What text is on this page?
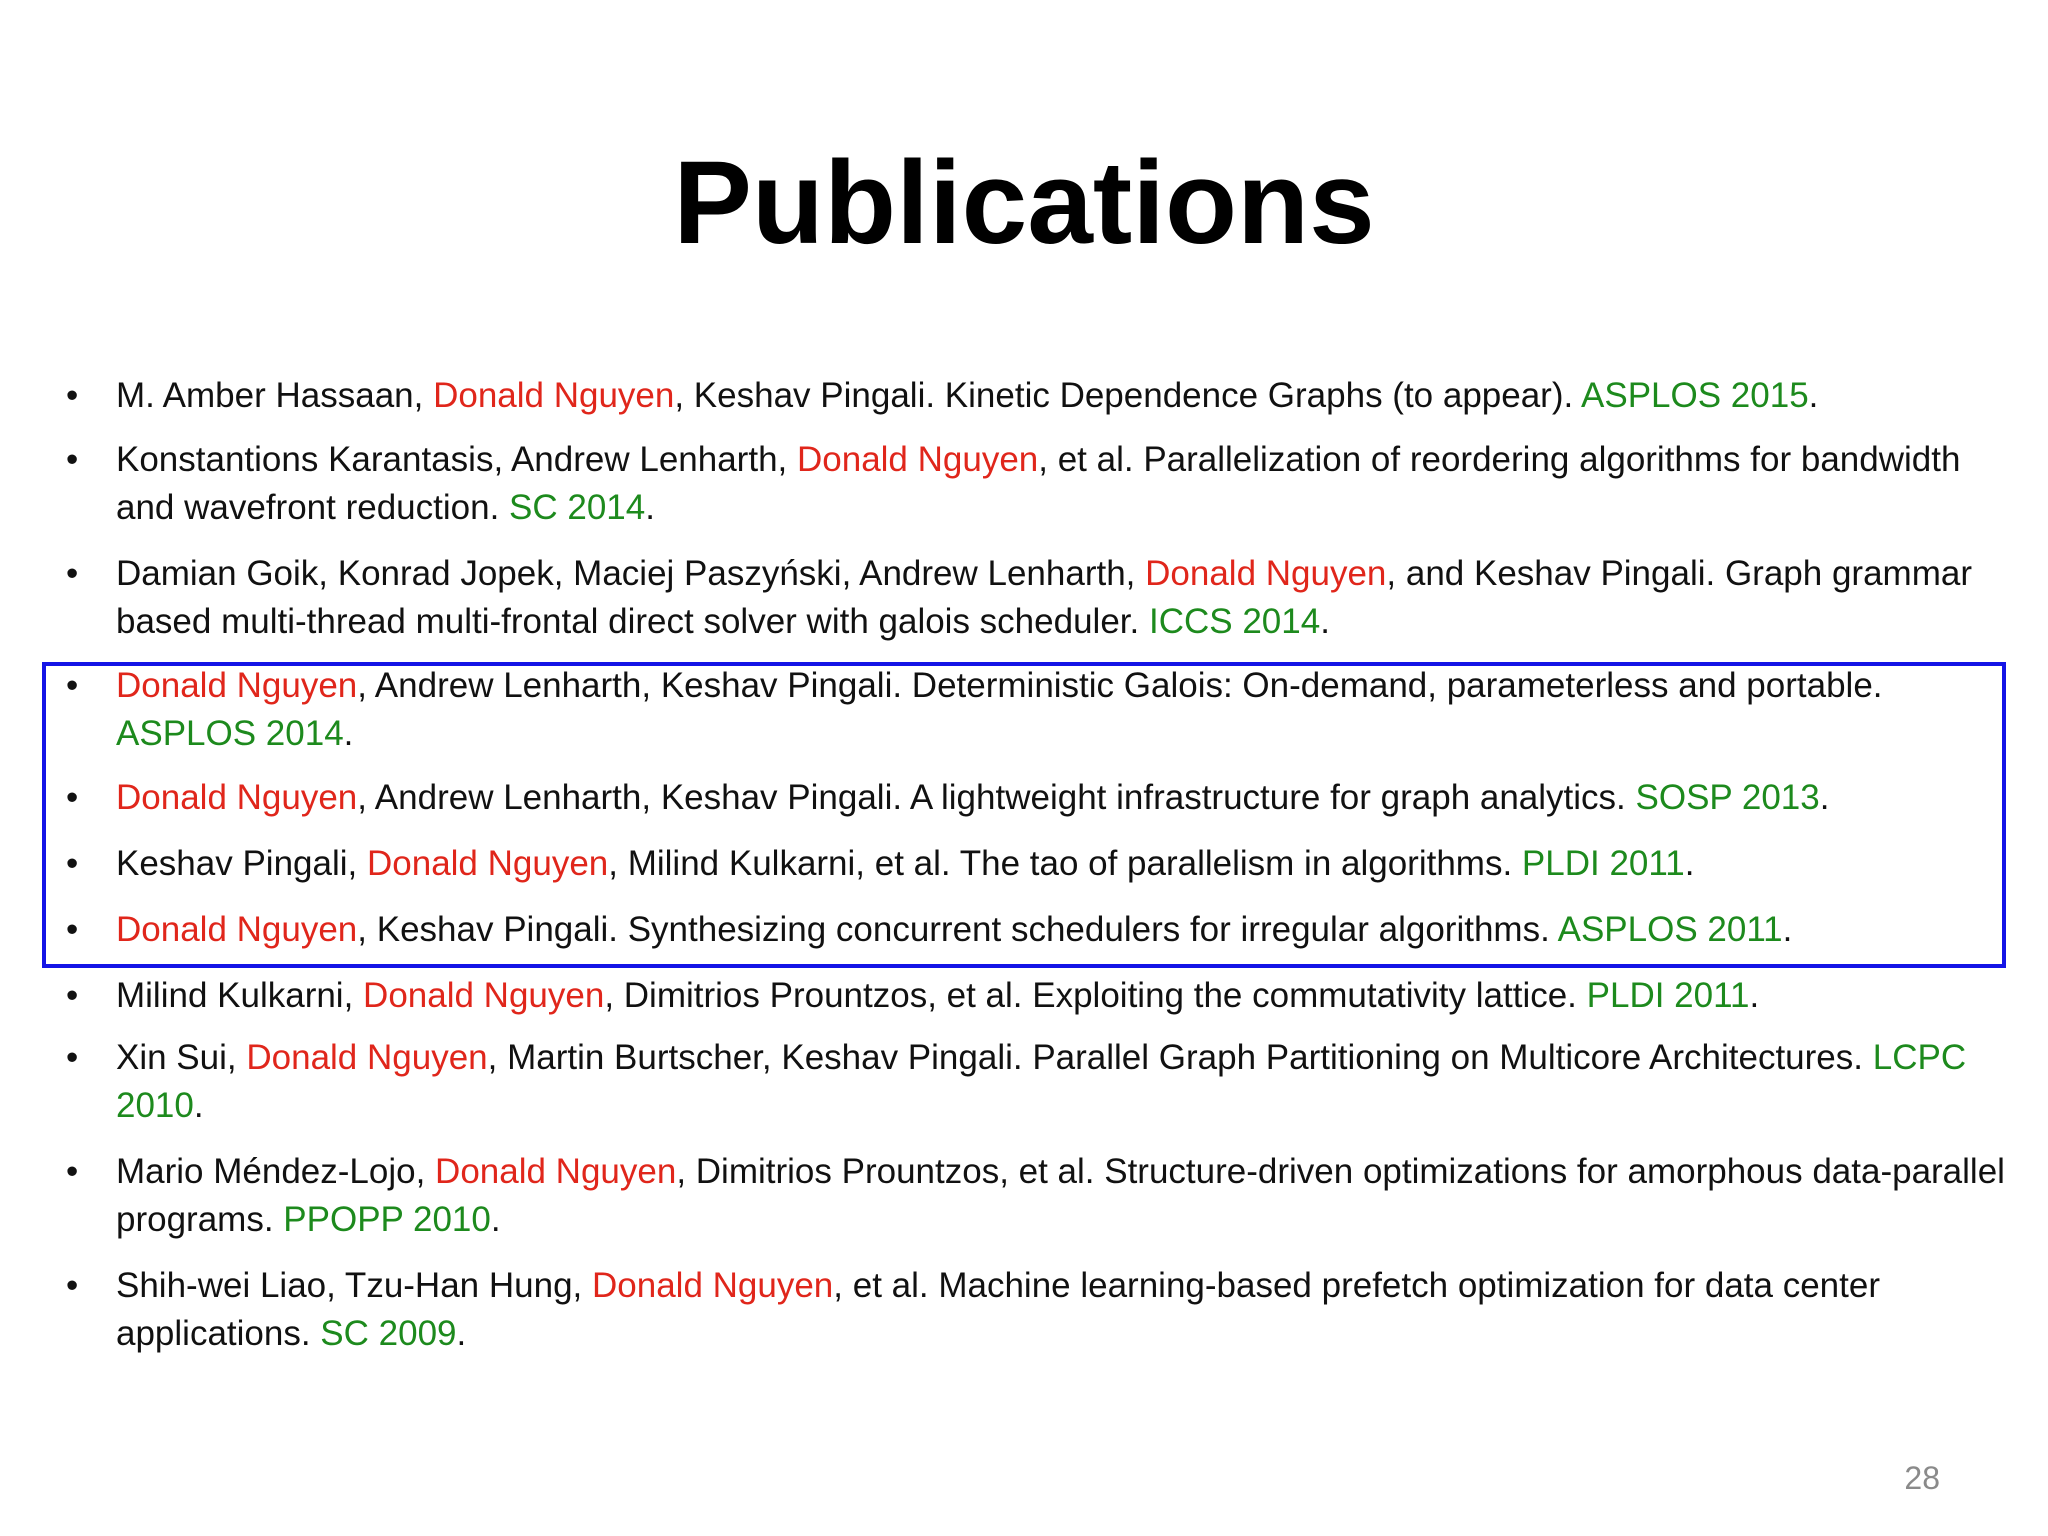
Publications
• M. Amber Hassaan, Donald Nguyen, Keshav Pingali. Kinetic Dependence Graphs (to appear). ASPLOS 2015.
• Konstantions Karantasis, Andrew Lenharth, Donald Nguyen, et al. Parallelization of reordering algorithms for bandwidth and wavefront reduction. SC 2014.
• Damian Goik, Konrad Jopek, Maciej Paszyński, Andrew Lenharth, Donald Nguyen, and Keshav Pingali. Graph grammar based multi-thread multi-frontal direct solver with galois scheduler. ICCS 2014.
• Donald Nguyen, Andrew Lenharth, Keshav Pingali. Deterministic Galois: On-demand, parameterless and portable. ASPLOS 2014.
• Donald Nguyen, Andrew Lenharth, Keshav Pingali. A lightweight infrastructure for graph analytics. SOSP 2013.
• Keshav Pingali, Donald Nguyen, Milind Kulkarni, et al. The tao of parallelism in algorithms. PLDI 2011.
• Donald Nguyen, Keshav Pingali. Synthesizing concurrent schedulers for irregular algorithms. ASPLOS 2011.
• Milind Kulkarni, Donald Nguyen, Dimitrios Prountzos, et al. Exploiting the commutativity lattice. PLDI 2011.
• Xin Sui, Donald Nguyen, Martin Burtscher, Keshav Pingali. Parallel Graph Partitioning on Multicore Architectures. LCPC 2010.
• Mario Méndez-Lojo, Donald Nguyen, Dimitrios Prountzos, et al. Structure-driven optimizations for amorphous data-parallel programs. PPOPP 2010.
• Shih-wei Liao, Tzu-Han Hung, Donald Nguyen, et al. Machine learning-based prefetch optimization for data center applications. SC 2009.
28
